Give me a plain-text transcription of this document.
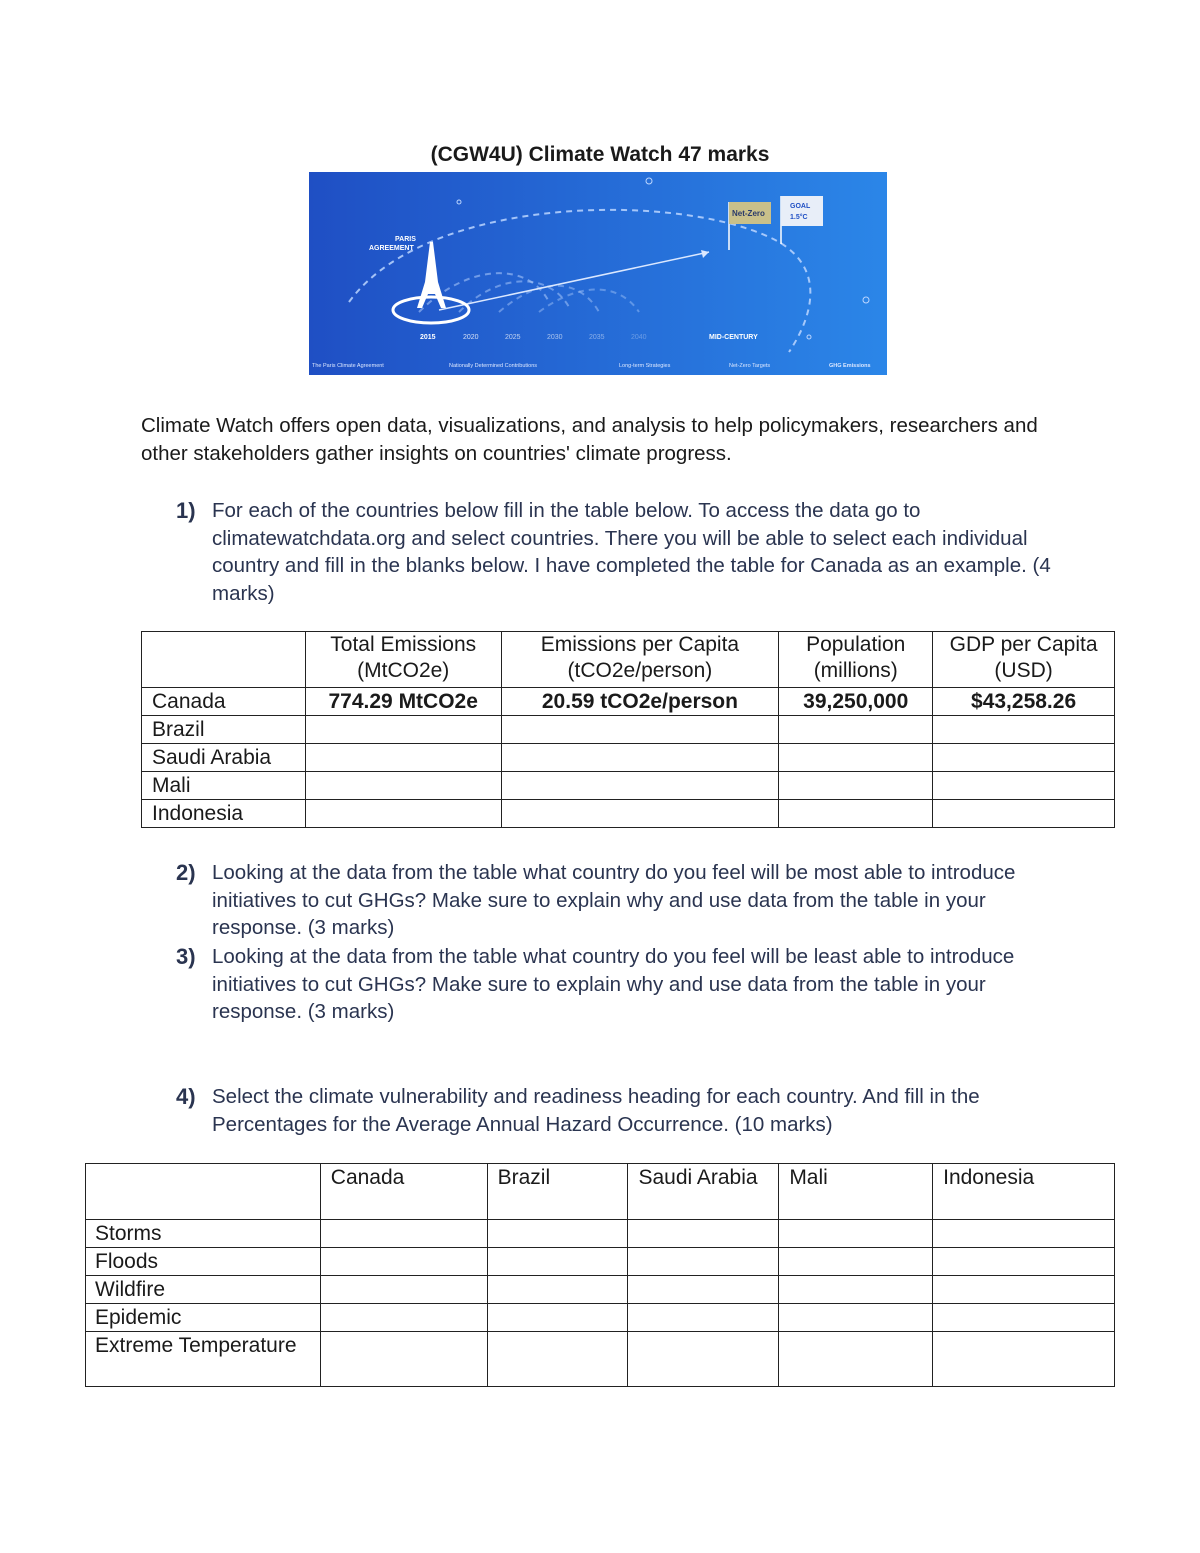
(CGW4U) Climate Watch 47 marks
PARIS
AGREEMENT
Net-Zero
GOAL
1.5°C
2015	2020	2025	2030	2035	2040	MID-CENTURY
The Paris Climate Agreement	Nationally Determined Contributions	Long-term Strategies	Net-Zero Targets	GHG Emissions
Climate Watch offers open data, visualizations, and analysis to help policymakers, researchers and other stakeholders gather insights on countries' climate progress.
1) For each of the countries below fill in the table below. To access the data go to climatewatchdata.org and select countries. There you will be able to select each individual country and fill in the blanks below. I have completed the table for Canada as an example. (4 marks)
	Total Emissions (MtCO2e)	Emissions per Capita (tCO2e/person)	Population (millions)	GDP per Capita (USD)
Canada	774.29 MtCO2e	20.59 tCO2e/person	39,250,000	$43,258.26
Brazil				
Saudi Arabia				
Mali				
Indonesia				
2) Looking at the data from the table what country do you feel will be most able to introduce initiatives to cut GHGs? Make sure to explain why and use data from the table in your response. (3 marks)
3) Looking at the data from the table what country do you feel will be least able to introduce initiatives to cut GHGs? Make sure to explain why and use data from the table in your response. (3 marks)
4) Select the climate vulnerability and readiness heading for each country. And fill in the Percentages for the Average Annual Hazard Occurrence. (10 marks)
	Canada	Brazil	Saudi Arabia	Mali	Indonesia
Storms					
Floods					
Wildfire					
Epidemic					
Extreme Temperature					
